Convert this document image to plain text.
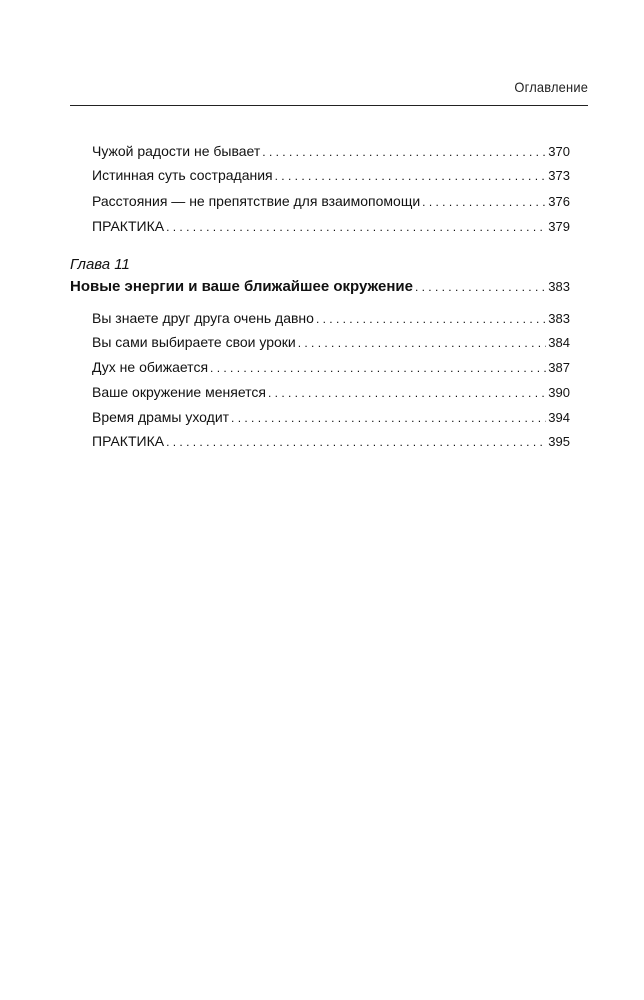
Оглавление
Чужой радости не бывает . . .	370
Истинная суть сострадания . . .	373
Расстояния — не препятствие для взаимопомощи . . .	376
ПРАКТИКА . . .	379
Глава 11
Новые энергии и ваше ближайшее окружение . . .	383
Вы знаете друг друга очень давно . . .	383
Вы сами выбираете свои уроки . . .	384
Дух не обижается . . .	387
Ваше окружение меняется . . .	390
Время драмы уходит . . .	394
ПРАКТИКА . . .	395
